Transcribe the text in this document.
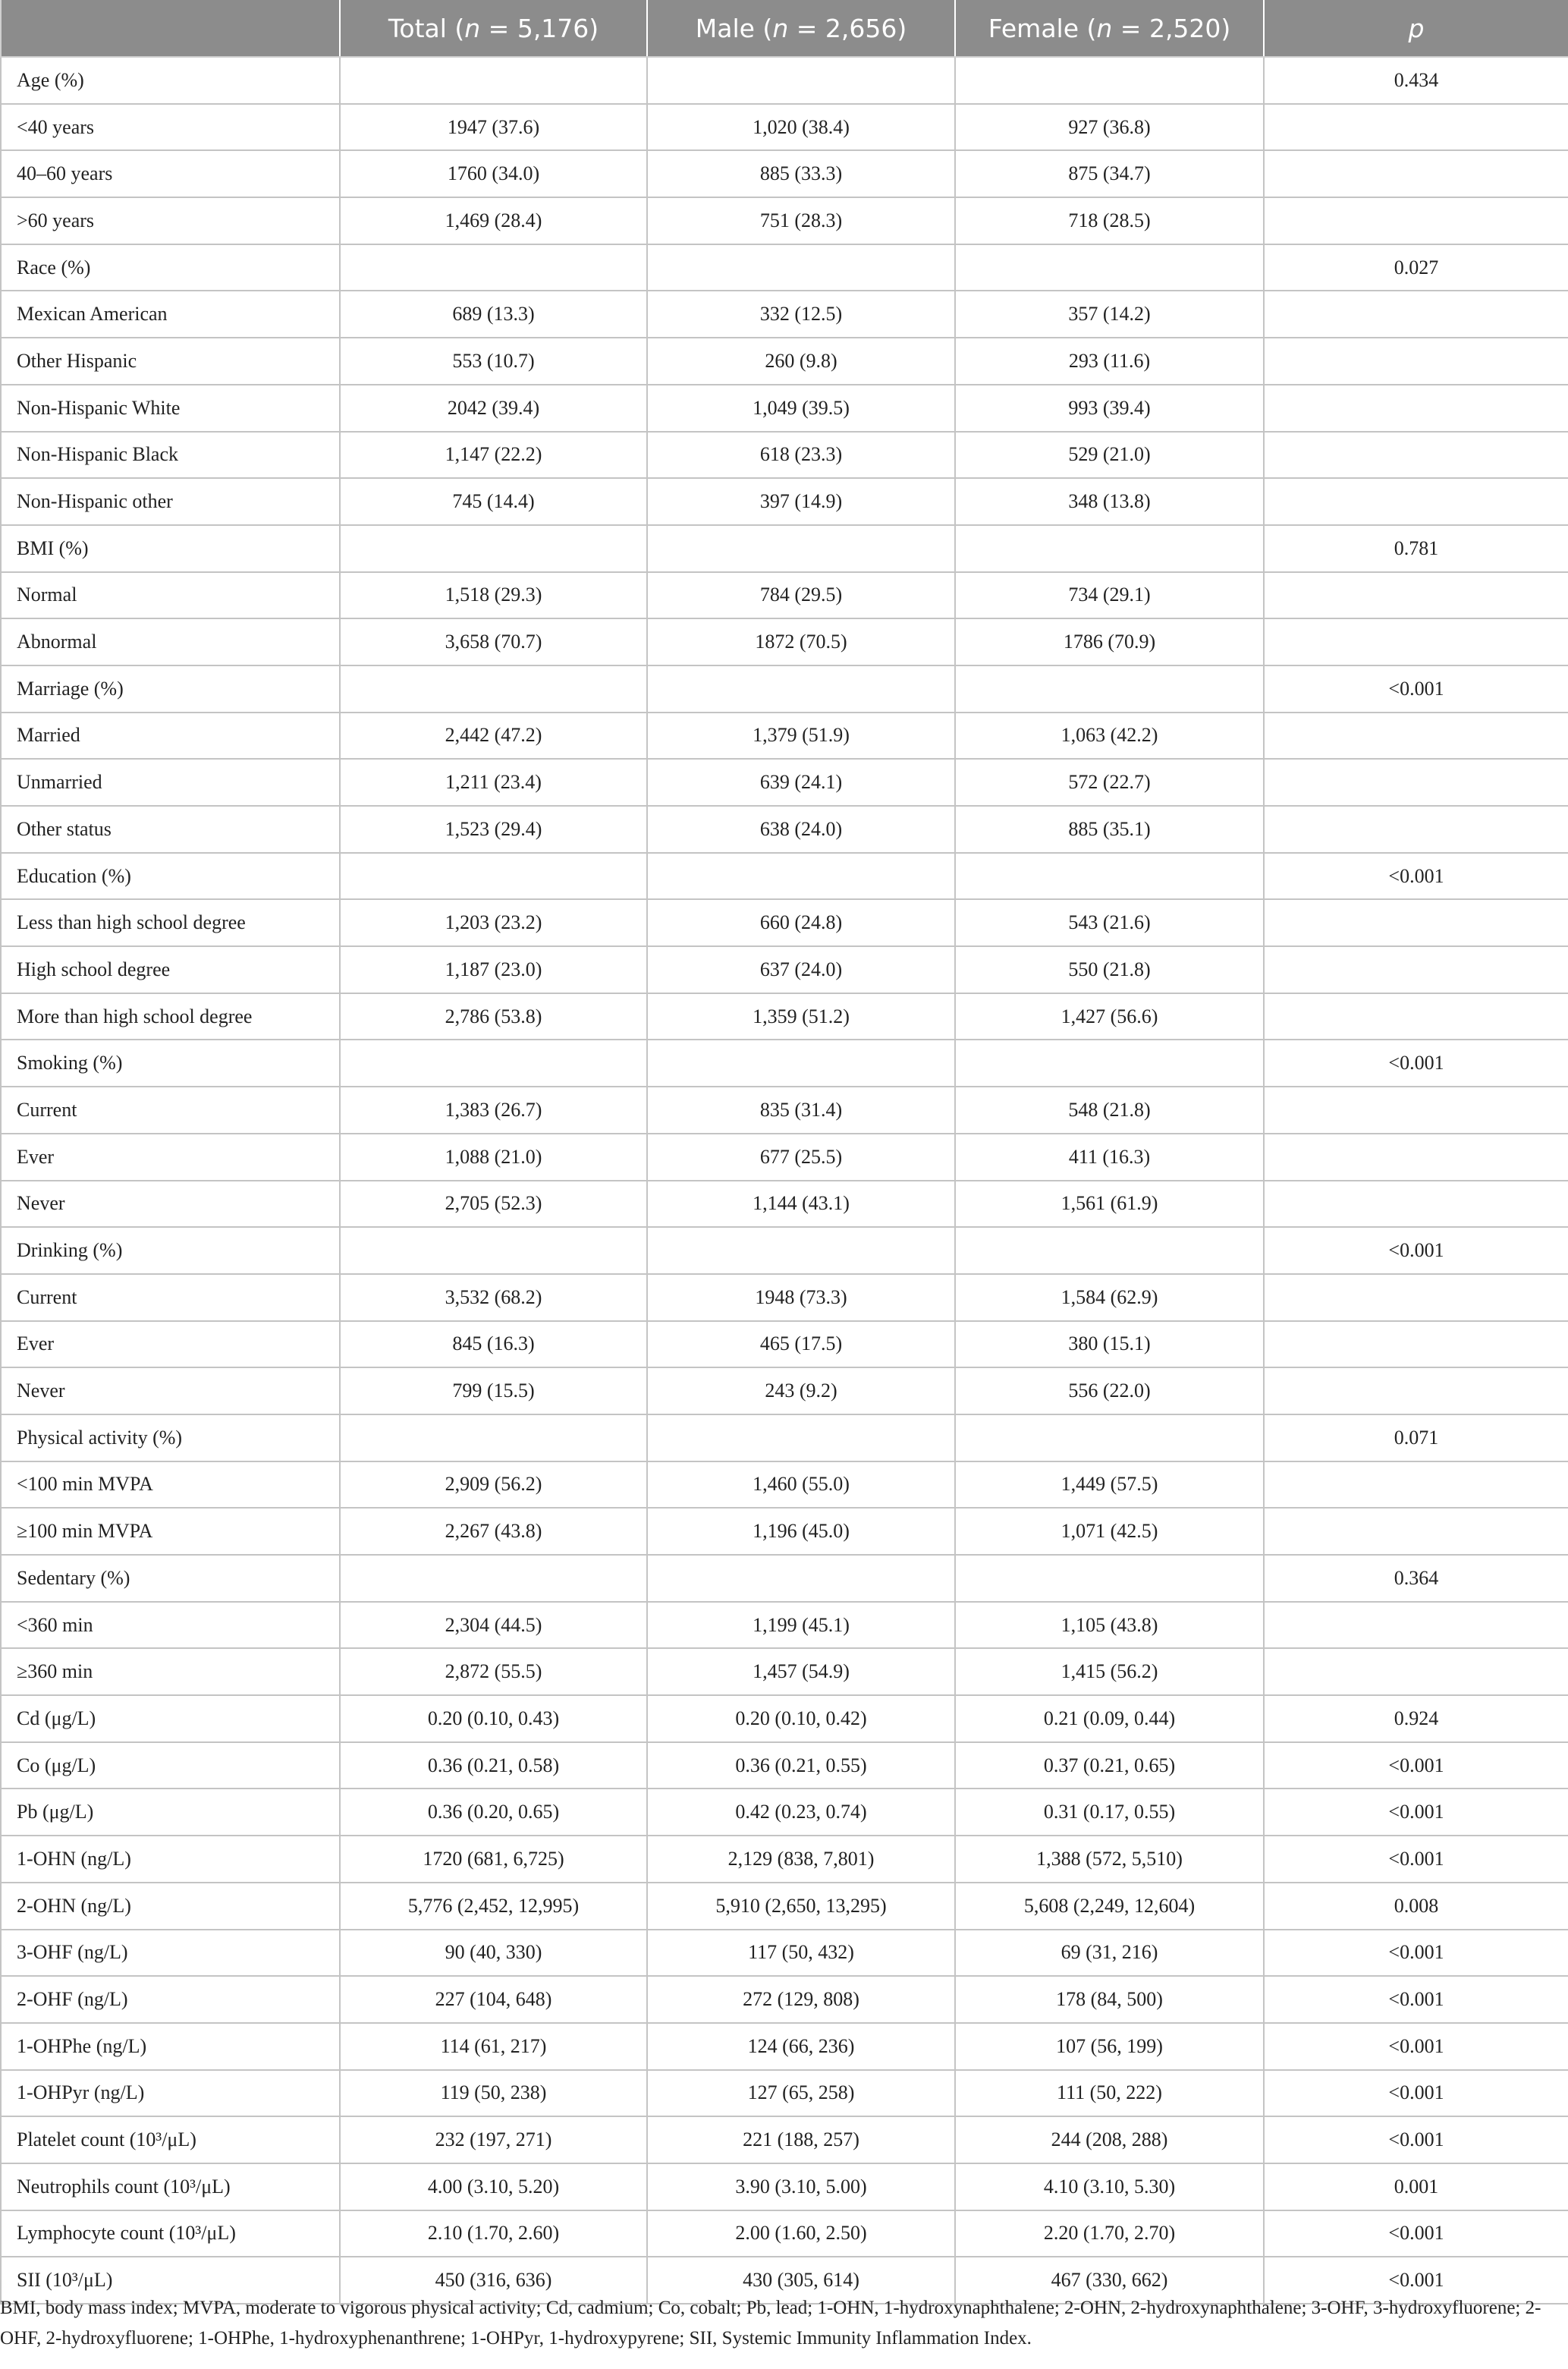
	Total (n = 5,176)	Male (n = 2,656)	Female (n = 2,520)	p
Age (%)				0.434
<40 years	1947 (37.6)	1,020 (38.4)	927 (36.8)	
40–60 years	1760 (34.0)	885 (33.3)	875 (34.7)	
>60 years	1,469 (28.4)	751 (28.3)	718 (28.5)	
Race (%)				0.027
Mexican American	689 (13.3)	332 (12.5)	357 (14.2)	
Other Hispanic	553 (10.7)	260 (9.8)	293 (11.6)	
Non-Hispanic White	2042 (39.4)	1,049 (39.5)	993 (39.4)	
Non-Hispanic Black	1,147 (22.2)	618 (23.3)	529 (21.0)	
Non-Hispanic other	745 (14.4)	397 (14.9)	348 (13.8)	
BMI (%)				0.781
Normal	1,518 (29.3)	784 (29.5)	734 (29.1)	
Abnormal	3,658 (70.7)	1872 (70.5)	1786 (70.9)	
Marriage (%)				<0.001
Married	2,442 (47.2)	1,379 (51.9)	1,063 (42.2)	
Unmarried	1,211 (23.4)	639 (24.1)	572 (22.7)	
Other status	1,523 (29.4)	638 (24.0)	885 (35.1)	
Education (%)				<0.001
Less than high school degree	1,203 (23.2)	660 (24.8)	543 (21.6)	
High school degree	1,187 (23.0)	637 (24.0)	550 (21.8)	
More than high school degree	2,786 (53.8)	1,359 (51.2)	1,427 (56.6)	
Smoking (%)				<0.001
Current	1,383 (26.7)	835 (31.4)	548 (21.8)	
Ever	1,088 (21.0)	677 (25.5)	411 (16.3)	
Never	2,705 (52.3)	1,144 (43.1)	1,561 (61.9)	
Drinking (%)				<0.001
Current	3,532 (68.2)	1948 (73.3)	1,584 (62.9)	
Ever	845 (16.3)	465 (17.5)	380 (15.1)	
Never	799 (15.5)	243 (9.2)	556 (22.0)	
Physical activity (%)				0.071
<100 min MVPA	2,909 (56.2)	1,460 (55.0)	1,449 (57.5)	
≥100 min MVPA	2,267 (43.8)	1,196 (45.0)	1,071 (42.5)	
Sedentary (%)				0.364
<360 min	2,304 (44.5)	1,199 (45.1)	1,105 (43.8)	
≥360 min	2,872 (55.5)	1,457 (54.9)	1,415 (56.2)	
Cd (μg/L)	0.20 (0.10, 0.43)	0.20 (0.10, 0.42)	0.21 (0.09, 0.44)	0.924
Co (μg/L)	0.36 (0.21, 0.58)	0.36 (0.21, 0.55)	0.37 (0.21, 0.65)	<0.001
Pb (μg/L)	0.36 (0.20, 0.65)	0.42 (0.23, 0.74)	0.31 (0.17, 0.55)	<0.001
1-OHN (ng/L)	1720 (681, 6,725)	2,129 (838, 7,801)	1,388 (572, 5,510)	<0.001
2-OHN (ng/L)	5,776 (2,452, 12,995)	5,910 (2,650, 13,295)	5,608 (2,249, 12,604)	0.008
3-OHF (ng/L)	90 (40, 330)	117 (50, 432)	69 (31, 216)	<0.001
2-OHF (ng/L)	227 (104, 648)	272 (129, 808)	178 (84, 500)	<0.001
1-OHPhe (ng/L)	114 (61, 217)	124 (66, 236)	107 (56, 199)	<0.001
1-OHPyr (ng/L)	119 (50, 238)	127 (65, 258)	111 (50, 222)	<0.001
Platelet count (10³/μL)	232 (197, 271)	221 (188, 257)	244 (208, 288)	<0.001
Neutrophils count (10³/μL)	4.00 (3.10, 5.20)	3.90 (3.10, 5.00)	4.10 (3.10, 5.30)	0.001
Lymphocyte count (10³/μL)	2.10 (1.70, 2.60)	2.00 (1.60, 2.50)	2.20 (1.70, 2.70)	<0.001
SII (10³/μL)	450 (316, 636)	430 (305, 614)	467 (330, 662)	<0.001
BMI, body mass index; MVPA, moderate to vigorous physical activity; Cd, cadmium; Co, cobalt; Pb, lead; 1-OHN, 1-hydroxynaphthalene; 2-OHN, 2-hydroxynaphthalene; 3-OHF, 3-hydroxyfluorene; 2-OHF, 2-hydroxyfluorene; 1-OHPhe, 1-hydroxyphenanthrene; 1-OHPyr, 1-hydroxypyrene; SII, Systemic Immunity Inflammation Index.
